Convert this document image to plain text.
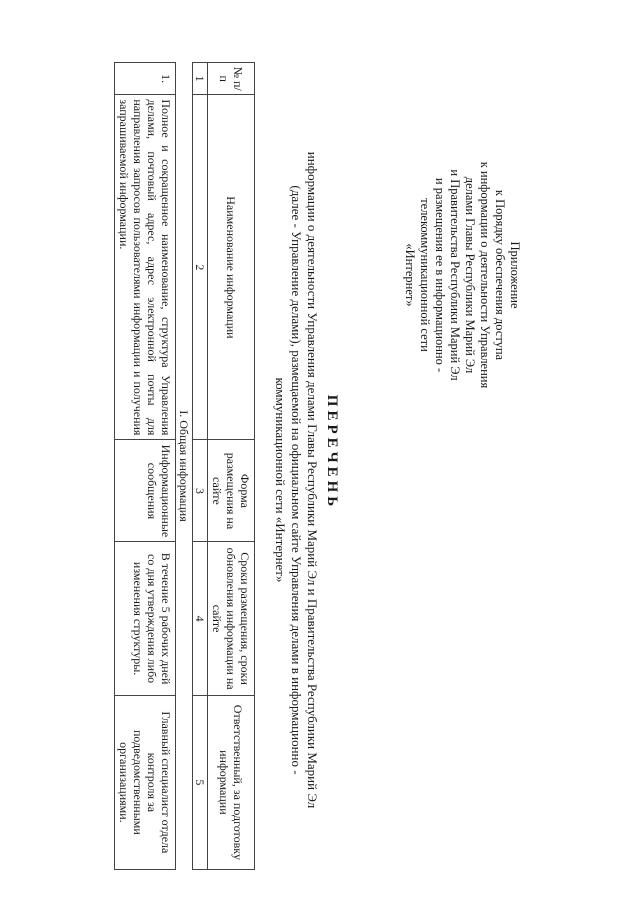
Приложение
к Порядку обеспечения доступа
к информации о деятельности Управления
делами Главы Республики Марий Эл
и Правительства Республики Марий Эл
и размещения ее в информационно -
телекоммуникационной сети
«Интернет»
ПЕРЕЧЕНЬ
информации о деятельности Управления делами Главы Республики Марий Эл и Правительства Республики Марий Эл
(далее - Управление делами), размещаемой на официальном сайте Управления делами в информационно -
коммуникационной сети «Интернет»
№ п/п	Наименование информации	Форма размещения на сайте	Сроки размещения, сроки обновления информации на сайте	Ответственный, за подготовку информации
1	2	3	4	5
I. Общая информация				
1.	Полное и сокращенное наименование, структура Управления делами, почтовый адрес, адрес электронной почты для направления запросов пользователями информации и получения запрашиваемой информации.	Информационные сообщения	В течение 5 рабочих дней со дня утверждения либо изменения структуры.	Главный специалист отдела контроля за подведомственными организациями.
